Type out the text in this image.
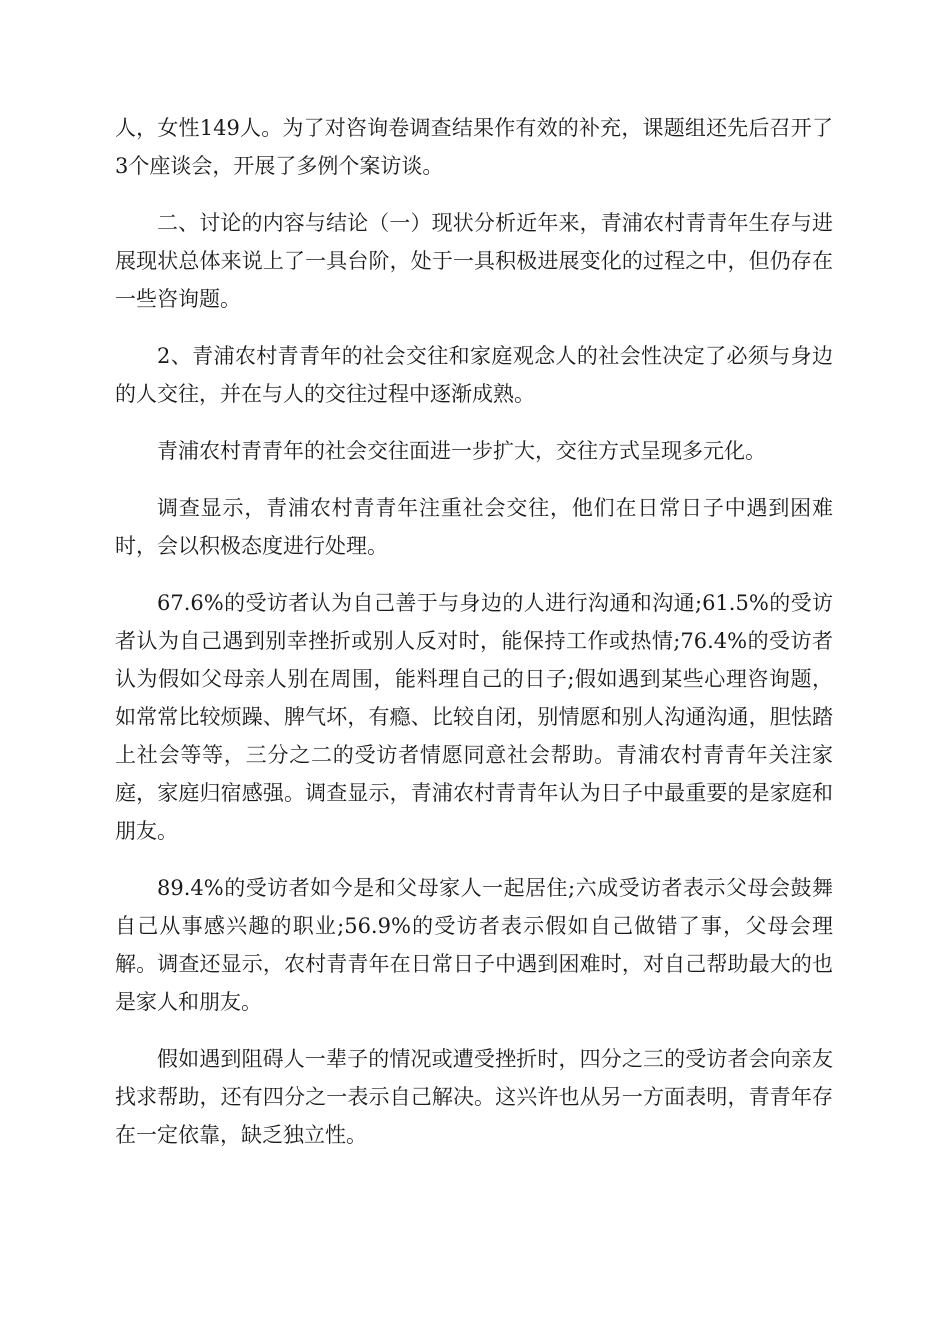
人，女性149人。为了对咨询卷调查结果作有效的补充，课题组还先后召开了3个座谈会，开展了多例个案访谈。

二、讨论的内容与结论（一）现状分析近年来，青浦农村青青年生存与进展现状总体来说上了一具台阶，处于一具积极进展变化的过程之中，但仍存在一些咨询题。

2、青浦农村青青年的社会交往和家庭观念人的社会性决定了必须与身边的人交往，并在与人的交往过程中逐渐成熟。

青浦农村青青年的社会交往面进一步扩大，交往方式呈现多元化。

调查显示，青浦农村青青年注重社会交往，他们在日常日子中遇到困难时，会以积极态度进行处理。

67.6%的受访者认为自己善于与身边的人进行沟通和沟通;61.5%的受访者认为自己遇到别幸挫折或别人反对时，能保持工作或热情;76.4%的受访者认为假如父母亲人别在周围，能料理自己的日子;假如遇到某些心理咨询题，如常常比较烦躁、脾气坏，有瘾、比较自闭，别情愿和别人沟通沟通，胆怯踏上社会等等，三分之二的受访者情愿同意社会帮助。青浦农村青青年关注家庭，家庭归宿感强。调查显示，青浦农村青青年认为日子中最重要的是家庭和朋友。

89.4%的受访者如今是和父母家人一起居住;六成受访者表示父母会鼓舞自己从事感兴趣的职业;56.9%的受访者表示假如自己做错了事，父母会理解。调查还显示，农村青青年在日常日子中遇到困难时，对自己帮助最大的也是家人和朋友。

假如遇到阻碍人一辈子的情况或遭受挫折时，四分之三的受访者会向亲友找求帮助，还有四分之一表示自己解决。这兴许也从另一方面表明，青青年存在一定依靠，缺乏独立性。
